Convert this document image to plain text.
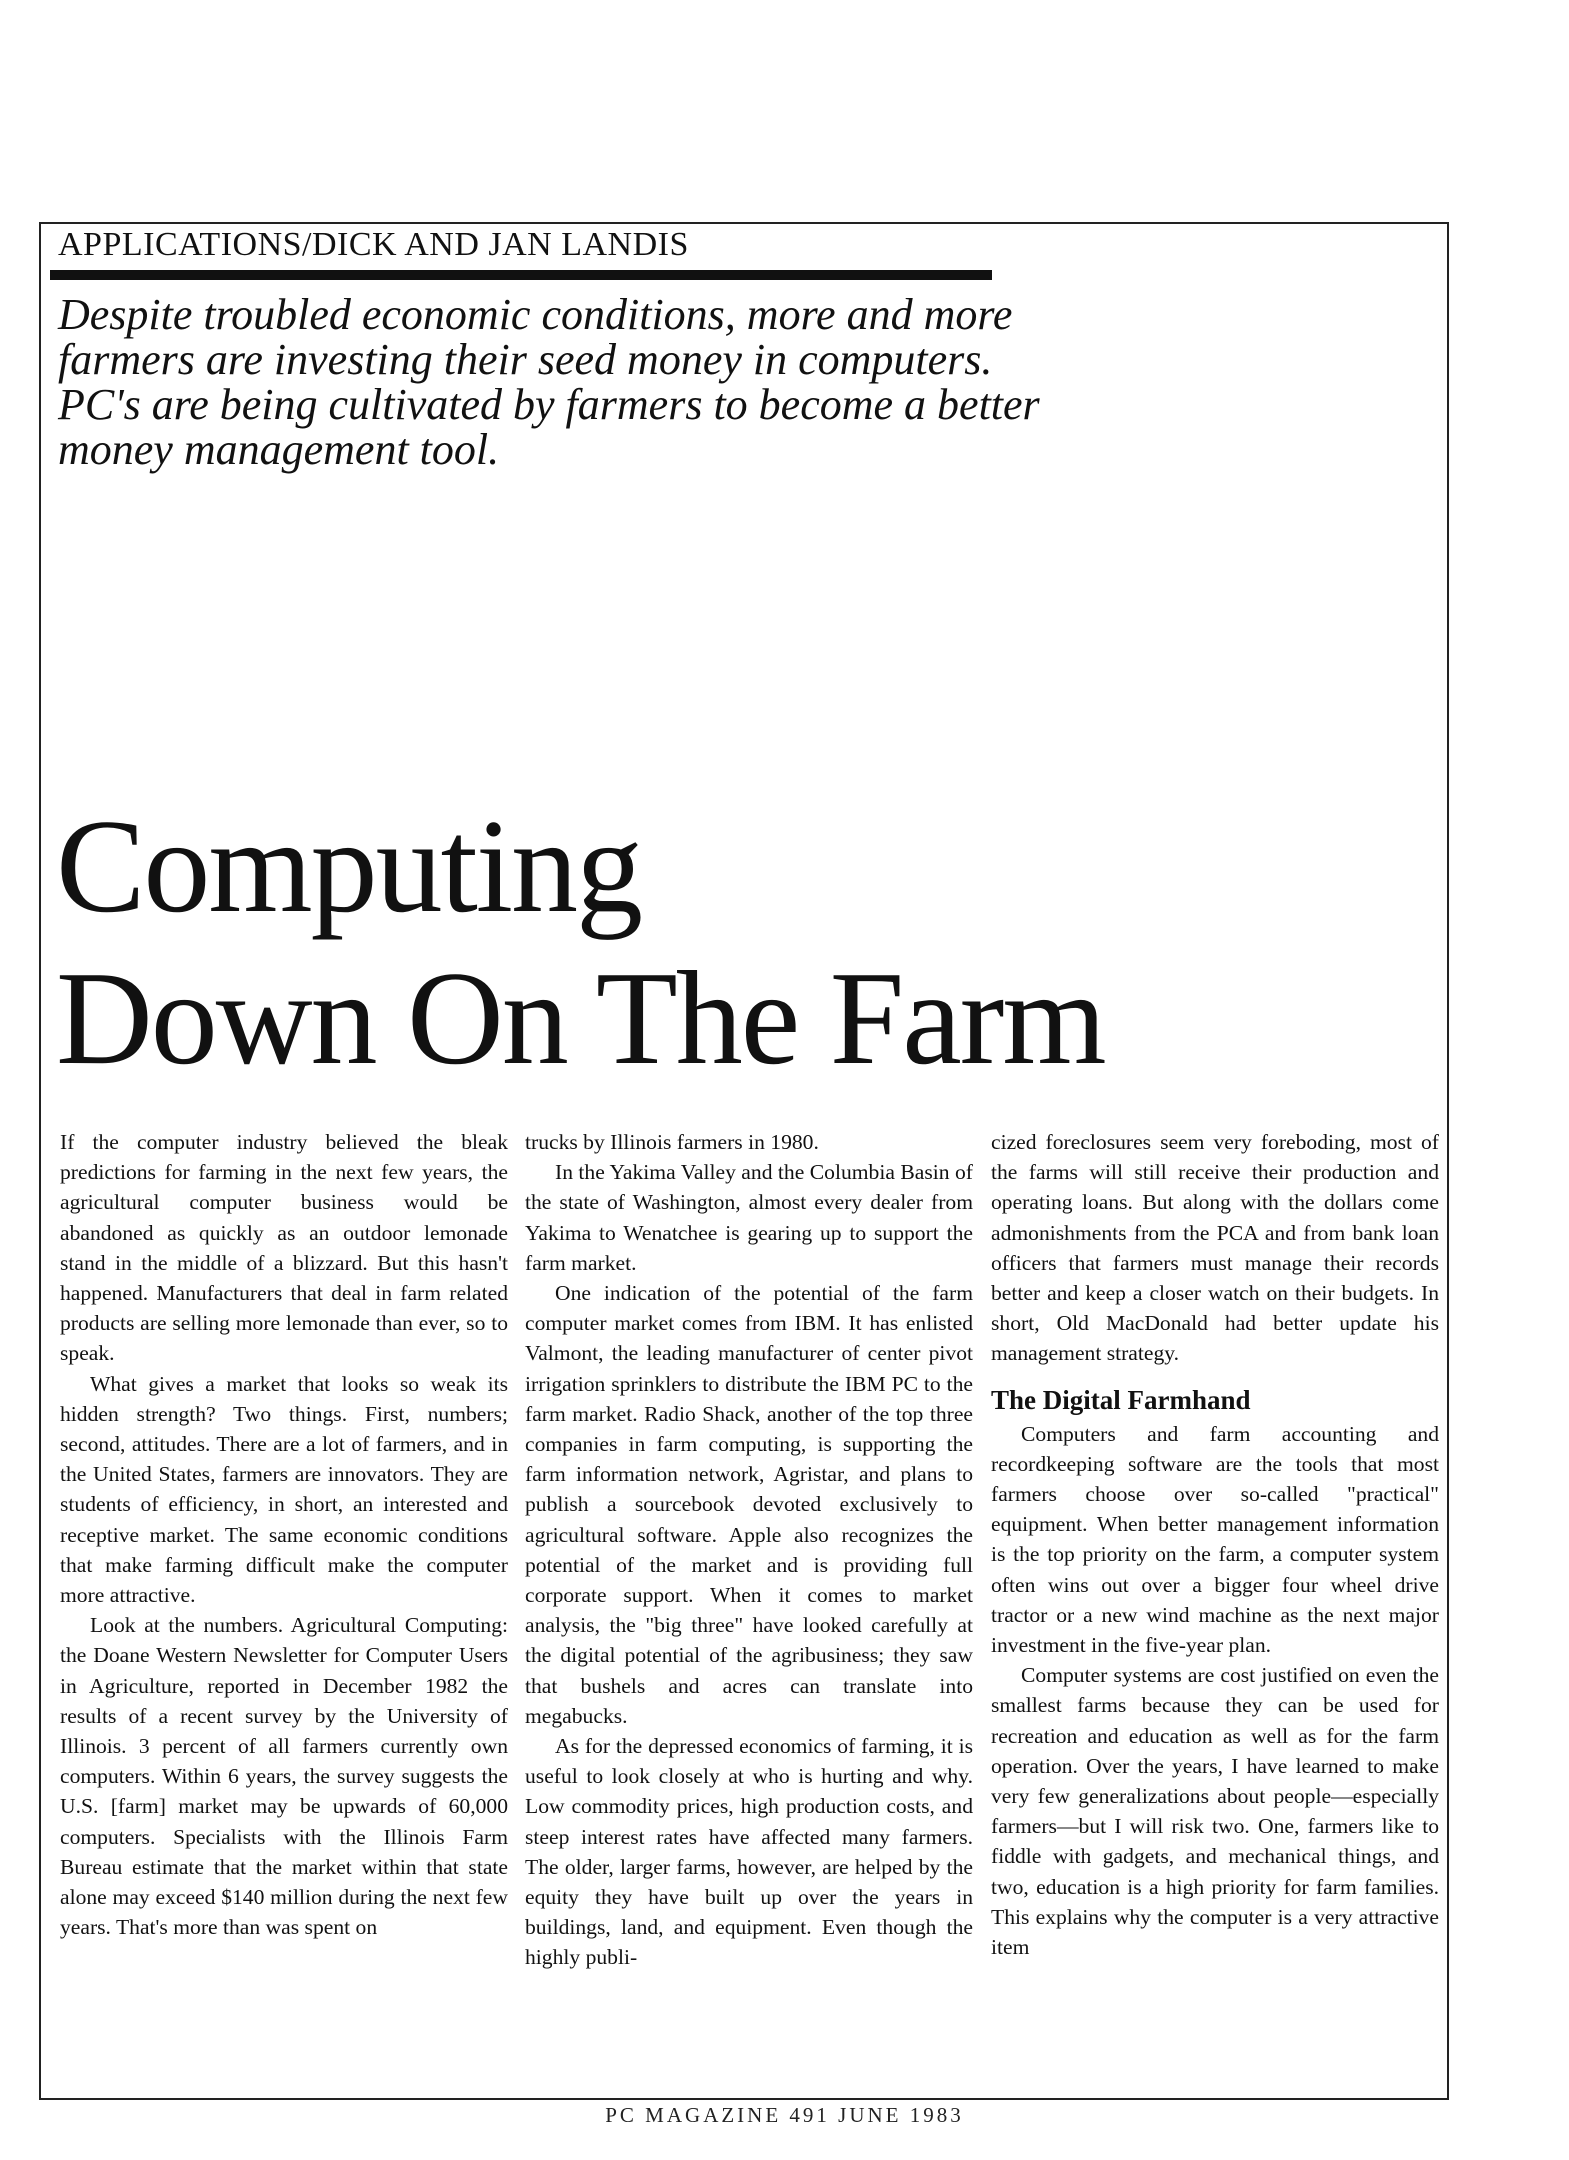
APPLICATIONS/DICK AND JAN LANDIS
Despite troubled economic conditions, more and more farmers are investing their seed money in computers. PC's are being cultivated by farmers to become a better money management tool.
Computing
Down On The Farm

If the computer industry believed the bleak predictions for farming in the next few years, the agricultural computer business would be abandoned as quickly as an outdoor lemonade stand in the middle of a blizzard. But this hasn't happened. Manufacturers that deal in farm related products are selling more lemonade than ever, so to speak.

What gives a market that looks so weak its hidden strength? Two things. First, numbers; second, attitudes. There are a lot of farmers, and in the United States, farmers are innovators. They are students of efficiency, in short, an interested and receptive market. The same economic conditions that make farming difficult make the computer more attractive.

Look at the numbers. Agricultural Computing: the Doane Western Newsletter for Computer Users in Agriculture, reported in December 1982 the results of a recent survey by the University of Illinois. 3 percent of all farmers currently own computers. Within 6 years, the survey suggests the U.S. [farm] market may be upwards of 60,000 computers. Specialists with the Illinois Farm Bureau estimate that the market within that state alone may exceed $140 million during the next few years. That's more than was spent on

trucks by Illinois farmers in 1980.

In the Yakima Valley and the Columbia Basin of the state of Washington, almost every dealer from Yakima to Wenatchee is gearing up to support the farm market.

One indication of the potential of the farm computer market comes from IBM. It has enlisted Valmont, the leading manufacturer of center pivot irrigation sprinklers to distribute the IBM PC to the farm market. Radio Shack, another of the top three companies in farm computing, is supporting the farm information network, Agristar, and plans to publish a sourcebook devoted exclusively to agricultural software. Apple also recognizes the potential of the market and is providing full corporate support. When it comes to market analysis, the "big three" have looked carefully at the digital potential of the agribusiness; they saw that bushels and acres can translate into megabucks.

As for the depressed economics of farming, it is useful to look closely at who is hurting and why. Low commodity prices, high production costs, and steep interest rates have affected many farmers. The older, larger farms, however, are helped by the equity they have built up over the years in buildings, land, and equipment. Even though the highly publi-

cized foreclosures seem very foreboding, most of the farms will still receive their production and operating loans. But along with the dollars come admonishments from the PCA and from bank loan officers that farmers must manage their records better and keep a closer watch on their budgets. In short, Old MacDonald had better update his management strategy.

The Digital Farmhand

Computers and farm accounting and recordkeeping software are the tools that most farmers choose over so-called "practical" equipment. When better management information is the top priority on the farm, a computer system often wins out over a bigger four wheel drive tractor or a new wind machine as the next major investment in the five-year plan.

Computer systems are cost justified on even the smallest farms because they can be used for recreation and education as well as for the farm operation. Over the years, I have learned to make very few generalizations about people—especially farmers—but I will risk two. One, farmers like to fiddle with gadgets, and mechanical things, and two, education is a high priority for farm families. This explains why the computer is a very attractive item

PC MAGAZINE 491 JUNE 1983
